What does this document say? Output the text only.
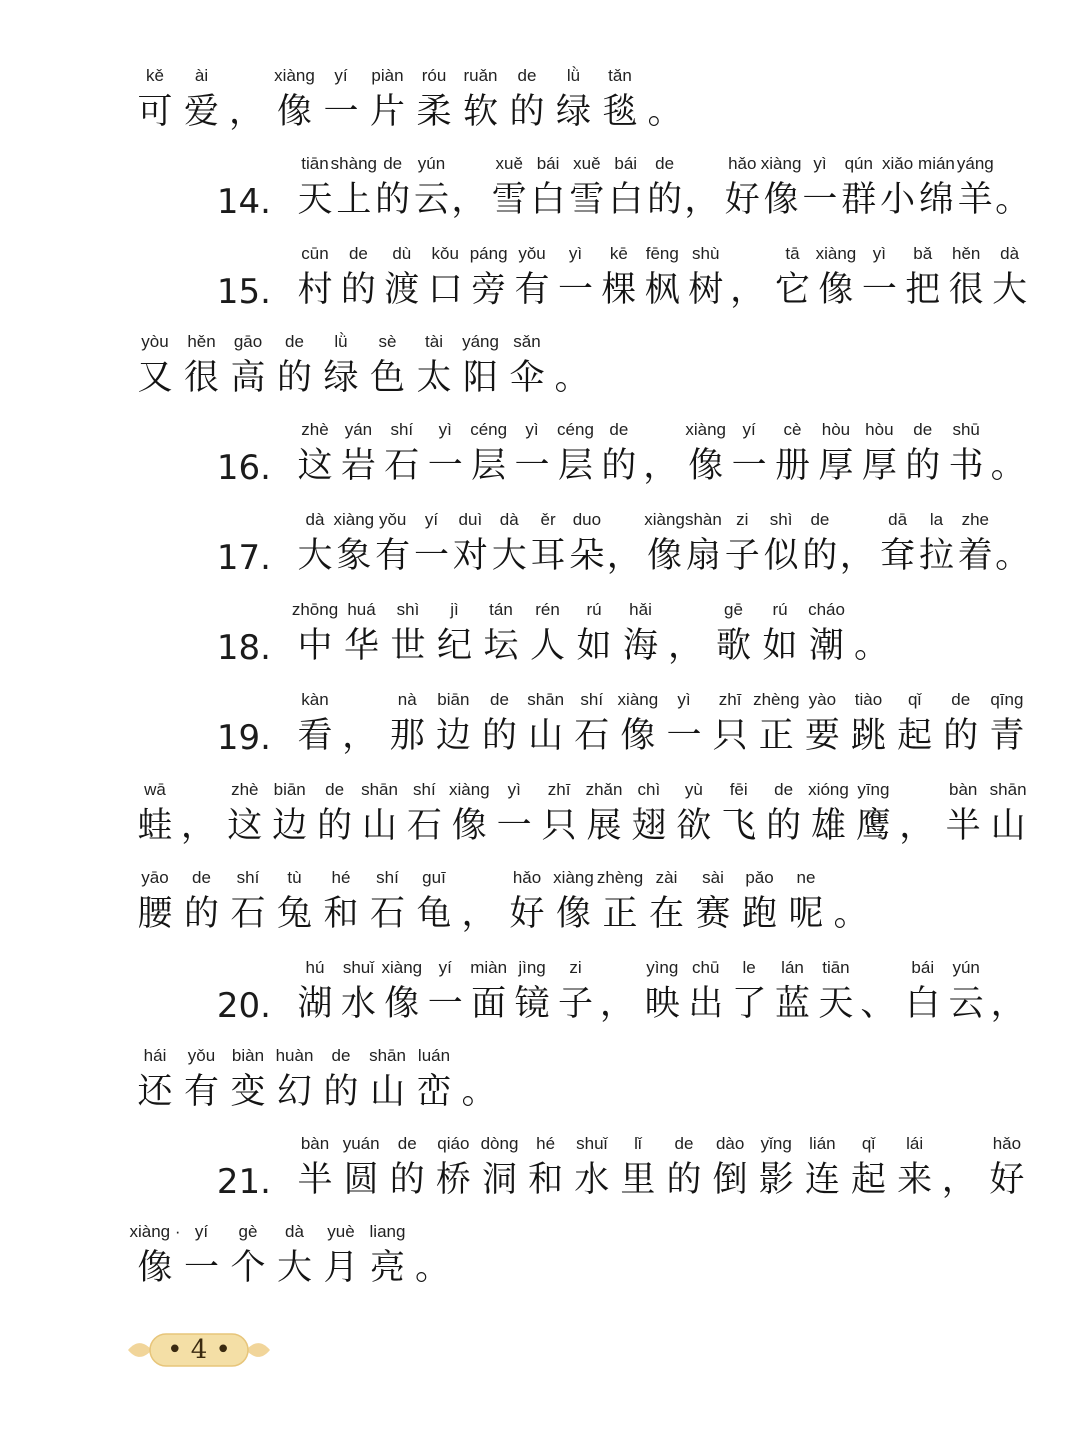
kě
可
ài
爱 ，
xiàng
像
yí
一
piàn
片
róu
柔
ruǎn
软
de
的
lǜ
绿
tǎn
毯 。
14.
tiān
天
shàng
上
de
的
yún
云 ，
xuě
雪
bái
白
xuě
雪
bái
白
de
的 ，
hǎo
好
xiàng
像
yì
一
qún
群
xiǎo
小
mián
绵
yáng
羊 。
15.
cūn
村
de
的
dù
渡
kǒu
口
páng
旁
yǒu
有
yì
一
kē
棵
fēng
枫
shù
树 ，
tā
它
xiàng
像
yì
一
bǎ
把
hěn
很
dà
大
yòu
又
hěn
很
gāo
高
de
的
lǜ
绿
sè
色
tài
太
yáng
阳
sǎn
伞 。
16.
zhè
这
yán
岩
shí
石
yì
一
céng
层
yì
一
céng
层
de
的 ，
xiàng
像
yí
一
cè
册
hòu
厚
hòu
厚
de
的
shū
书 。
17.
dà
大
xiàng
象
yǒu
有
yí
一
duì
对
dà
大
ěr
耳
duo
朵 ，
xiàng
像
shàn
扇
zi
子
shì
似
de
的 ，
dā
耷
la
拉
zhe
着 。
18.
zhōng
中
huá
华
shì
世
jì
纪
tán
坛
rén
人
rú
如
hǎi
海 ，
gē
歌
rú
如
cháo
潮 。
19.
kàn
看 ，
nà
那
biān
边
de
的
shān
山
shí
石
xiàng
像
yì
一
zhī
只
zhèng
正
yào
要
tiào
跳
qǐ
起
de
的
qīng
青
wā
蛙 ，
zhè
这
biān
边
de
的
shān
山
shí
石
xiàng
像
yì
一
zhī
只
zhǎn
展
chì
翅
yù
欲
fēi
飞
de
的
xióng
雄
yīng
鹰 ，
bàn
半
shān
山
yāo
腰
de
的
shí
石
tù
兔
hé
和
shí
石
guī
龟 ，
hǎo
好
xiàng
像
zhèng
正
zài
在
sài
赛
pǎo
跑
ne
呢 。
20.
hú
湖
shuǐ
水
xiàng
像
yí
一
miàn
面
jìng
镜
zi
子 ，
yìng
映
chū
出
le
了
lán
蓝
tiān
天 、
bái
白
yún
云 ，
hái
还
yǒu
有
biàn
变
huàn
幻
de
的
shān
山
luán
峦 。
21.
bàn
半
yuán
圆
de
的
qiáo
桥
dòng
洞
hé
和
shuǐ
水
lǐ
里
de
的
dào
倒
yǐng
影
lián
连
qǐ
起
lái
来 ，
hǎo
好
xiàng ·
像
yí
一
gè
个
dà
大
yuè
月
liang
亮 。
• 4 •
